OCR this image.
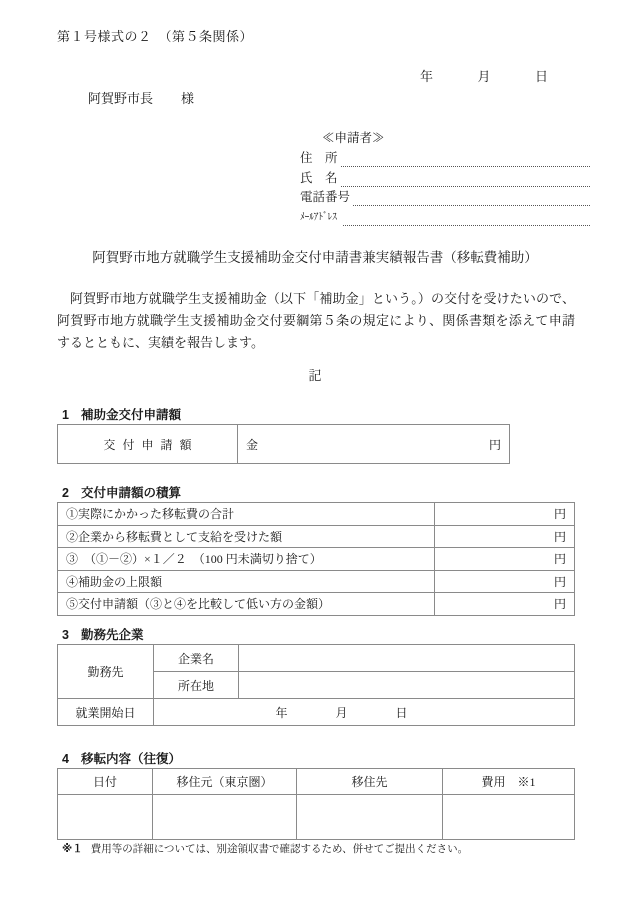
第１号様式の２　（第５条関係）
年	月	日
阿賀野市長 様
≪申請者≫
住　所
氏　名
電話番号
ﾒｰﾙｱﾄﾞﾚｽ
阿賀野市地方就職学生支援補助金交付申請書兼実績報告書（移転費補助）
阿賀野市地方就職学生支援補助金（以下「補助金」という。）の交付を受けたいので、阿賀野市地方就職学生支援補助金交付要綱第５条の規定により、関係書類を添えて申請するとともに、実績を報告します。
記
1 補助金交付申請額
交付申請額	金	円
2 交付申請額の積算
①実際にかかった移転費の合計	円
②企業から移転費として支給を受けた額	円
③　（①－②）×１／２　（100 円未満切り捨て）	円
④補助金の上限額	円
⑤交付申請額（③と④を比較して低い方の金額）	円
3 勤務先企業
勤務先	企業名	
	所在地	
就業開始日	年 月 日	
4 移転内容（往復）
日付	移住元（東京圏）	移住先	費用　※1

※１ 費用等の詳細については、別途領収書で確認するため、併せてご提出ください。
